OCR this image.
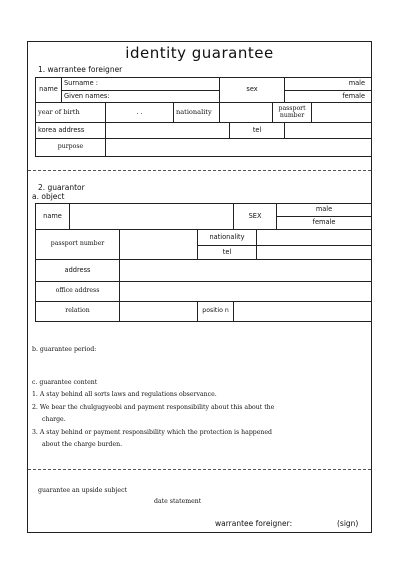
identity guarantee
1. warrantee foreigner
name	Surname :			sex			male	
	Given names:						female	
year of birth		. .	nationality			passport number		
korea address					tel			
purpose								
2. guarantor
a. object
name				SEX		male
						female
passport number			nationality			
			tel			
address						
office address						
relation			positio n			
b. guarantee period:
c. guarantee content
1. A stay behind all sorts laws and regulations observance.
2. We bear the chulgugyeobi and payment responsibility about this about the
charge.
3. A stay behind or payment responsibility which the protection is happened
about the charge burden.
guarantee an upside subject
date statement
warrantee foreigner:	(sign)
